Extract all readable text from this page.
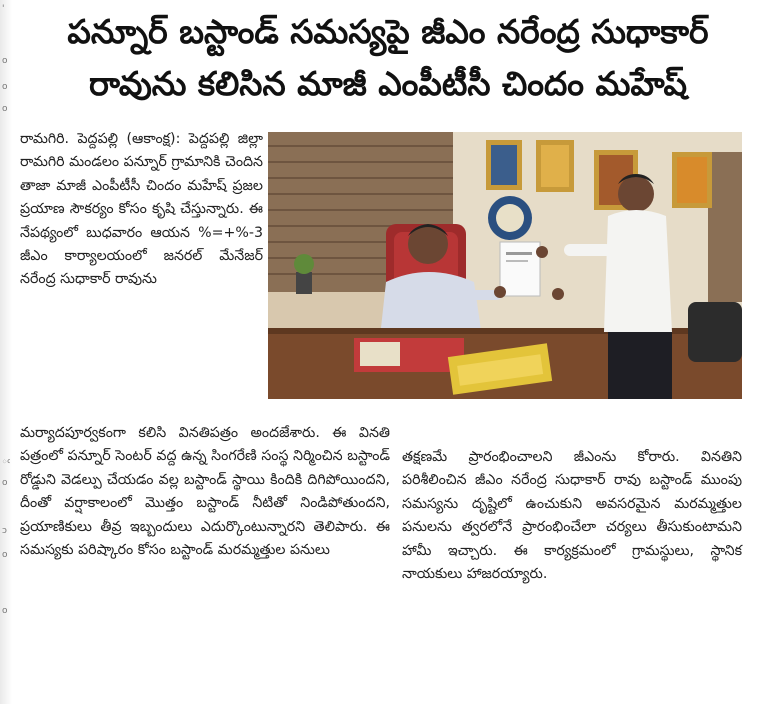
'
o
o
o
ఁ
o
ɔ
o
o
పన్నూర్ బస్టాండ్ సమస్యపై జీఎం నరేంద్ర సుధాకార్
రావును కలిసిన మాజీ ఎంపీటీసీ చిందం మహేష్
రామగిరి. పెద్దపల్లి (ఆకాంక్ష): పెద్దపల్లి జిల్లా రామగిరి మండలం పన్నూర్ గ్రామానికి చెందిన తాజా మాజీ ఎంపీటీసీ చిందం మహేష్ ప్రజల ప్రయాణ సౌకర్యం కోసం కృషి చేస్తున్నారు. ఈ నేపథ్యంలో బుధవారం ఆయన %=+%-3 జీఎం కార్యాలయంలో జనరల్ మేనేజర్ నరేంద్ర సుధాకార్ రావును
మర్యాదపూర్వకంగా కలిసి వినతిపత్రం అందజేశారు. ఈ వినతి పత్రంలో పన్నూర్ సెంటర్ వద్ద ఉన్న సింగరేణి సంస్థ నిర్మించిన బస్టాండ్ రోడ్డుని వెడల్పు చేయడం వల్ల బస్టాండ్ స్థాయి కిందికి దిగిపోయిందని, దీంతో వర్షాకాలంలో మొత్తం బస్టాండ్ నీటితో నిండిపోతుందని, ప్రయాణికులు తీవ్ర ఇబ్బందులు ఎదుర్కొంటున్నారని తెలిపారు. ఈ సమస్యకు పరిష్కారం కోసం బస్టాండ్ మరమ్మత్తుల పనులు
తక్షణమే ప్రారంభించాలని జీఎంను కోరారు. వినతిని పరిశీలించిన జీఎం నరేంద్ర సుధాకార్ రావు బస్టాండ్ ముంపు సమస్యను దృష్టిలో ఉంచుకుని అవసరమైన మరమ్మత్తుల పనులను త్వరలోనే ప్రారంభించేలా చర్యలు తీసుకుంటామని హామీ ఇచ్చారు. ఈ కార్యక్రమంలో గ్రామస్థులు, స్థానిక నాయకులు హాజరయ్యారు.
